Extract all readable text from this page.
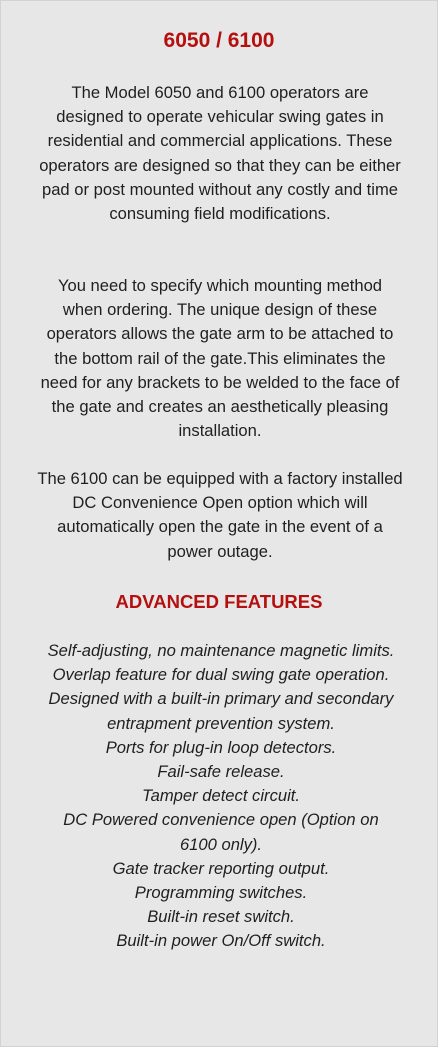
6050 / 6100

The Model 6050 and 6100 operators are designed to operate vehicular swing gates in residential and commercial applications. These operators are designed so that they can be either pad or post mounted without any costly and time consuming field modifications.

You need to specify which mounting method when ordering. The unique design of these operators allows the gate arm to be attached to the bottom rail of the gate.This eliminates the need for any brackets to be welded to the face of the gate and creates an aesthetically pleasing installation.

The 6100 can be equipped with a factory installed DC Convenience Open option which will automatically open the gate in the event of a power outage.

ADVANCED FEATURES
Self-adjusting, no maintenance magnetic limits.
Overlap feature for dual swing gate operation.
Designed with a built-in primary and secondary entrapment prevention system.
Ports for plug-in loop detectors.
Fail-safe release.
Tamper detect circuit.
DC Powered convenience open (Option on 6100 only).
Gate tracker reporting output.
Programming switches.
Built-in reset switch.
Built-in power On/Off switch.
